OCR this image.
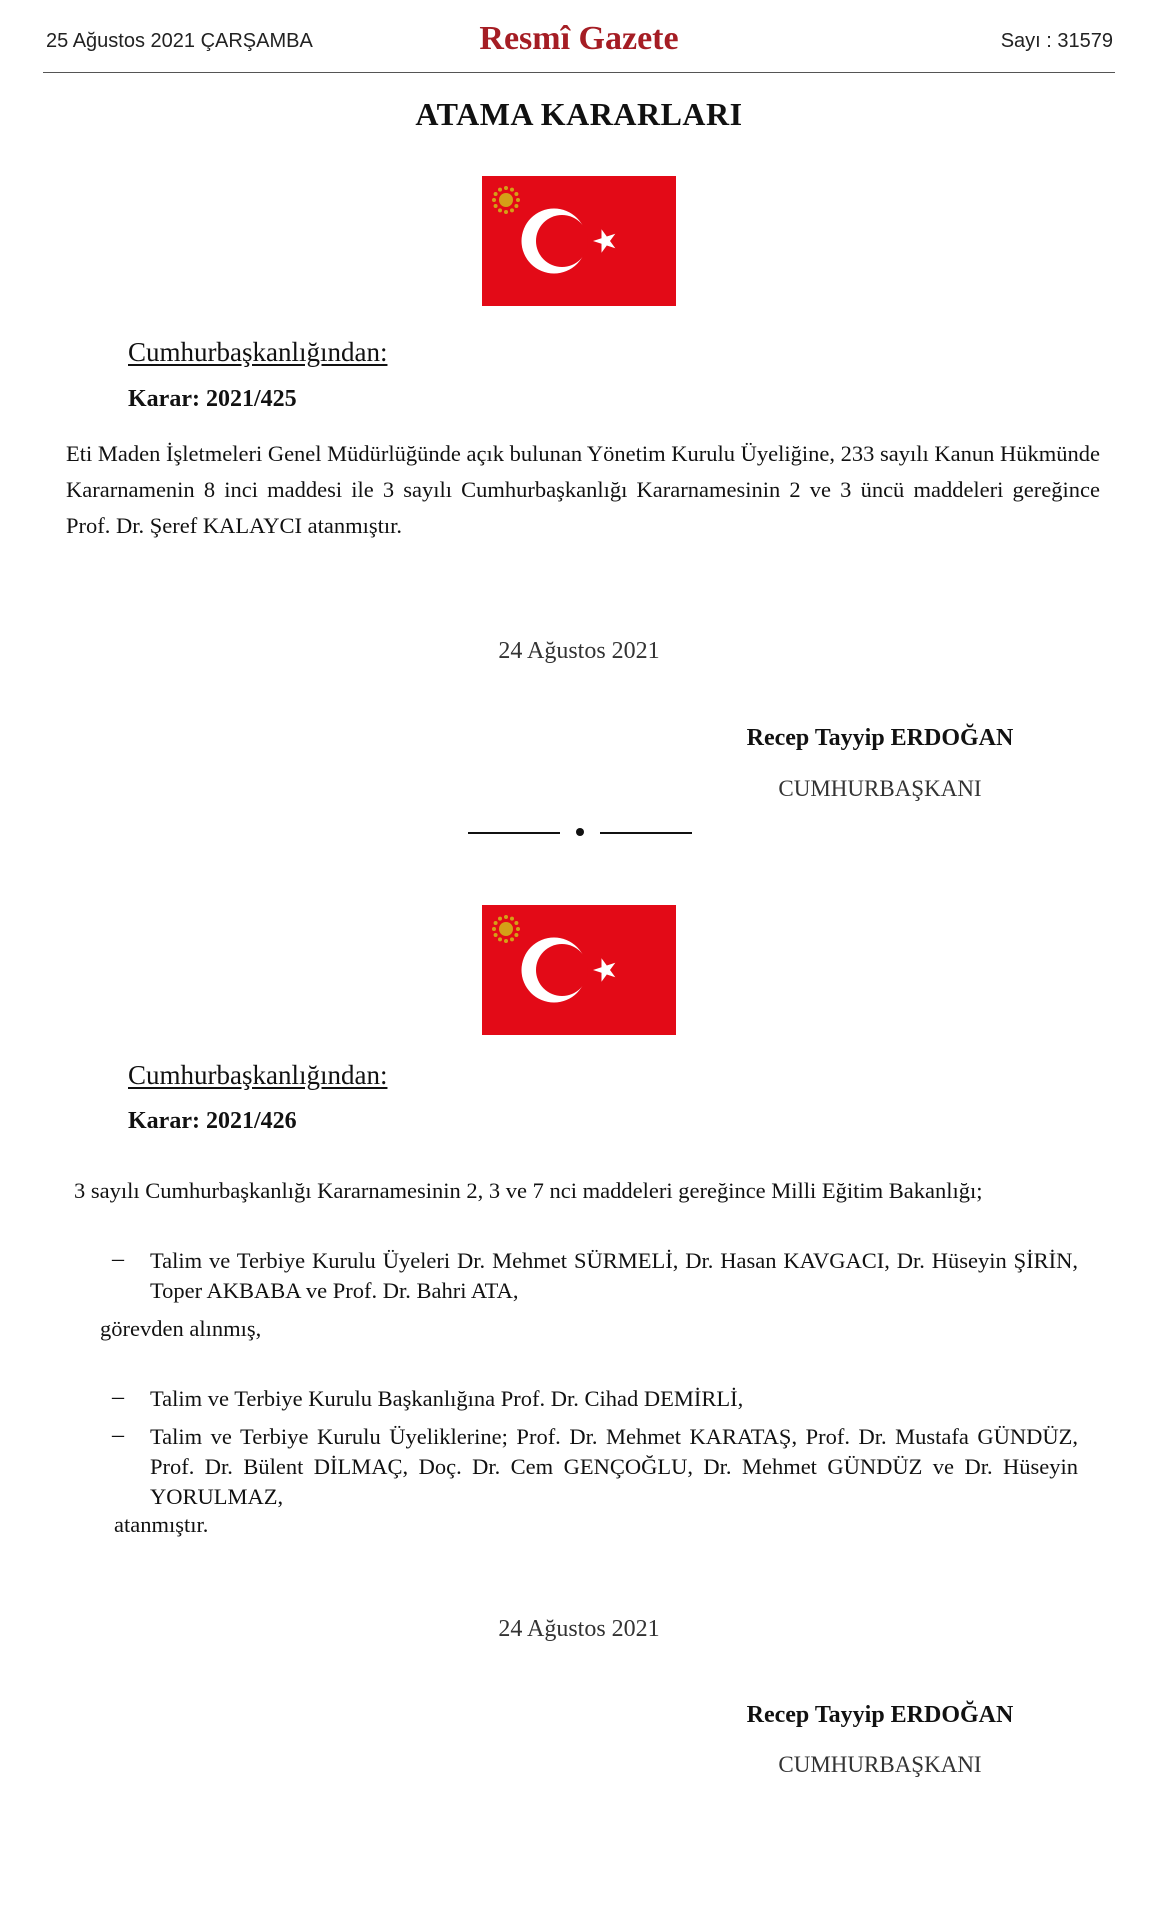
25 Ağustos 2021 ÇARŞAMBA	Resmî Gazete	Sayı : 31579
ATAMA KARARLARI
Cumhurbaşkanlığından:
Karar: 2021/425
Eti Maden İşletmeleri Genel Müdürlüğünde açık bulunan Yönetim Kurulu Üyeliğine, 233 sayılı Kanun Hükmünde Kararnamenin 8 inci maddesi ile 3 sayılı Cumhurbaşkanlığı Kararnamesinin 2 ve 3 üncü maddeleri gereğince Prof. Dr. Şeref KALAYCI atanmıştır.
24 Ağustos 2021
Recep Tayyip ERDOĞAN
CUMHURBAŞKANI
Cumhurbaşkanlığından:
Karar: 2021/426
3 sayılı Cumhurbaşkanlığı Kararnamesinin 2, 3 ve 7 nci maddeleri gereğince Milli Eğitim Bakanlığı;
– Talim ve Terbiye Kurulu Üyeleri Dr. Mehmet SÜRMELİ, Dr. Hasan KAVGACI, Dr. Hüseyin ŞİRİN, Toper AKBABA ve Prof. Dr. Bahri ATA,
görevden alınmış,
– Talim ve Terbiye Kurulu Başkanlığına Prof. Dr. Cihad DEMİRLİ,
– Talim ve Terbiye Kurulu Üyeliklerine; Prof. Dr. Mehmet KARATAŞ, Prof. Dr. Mustafa GÜNDÜZ, Prof. Dr. Bülent DİLMAÇ, Doç. Dr. Cem GENÇOĞLU, Dr. Mehmet GÜNDÜZ ve Dr. Hüseyin YORULMAZ,
atanmıştır.
24 Ağustos 2021
Recep Tayyip ERDOĞAN
CUMHURBAŞKANI
